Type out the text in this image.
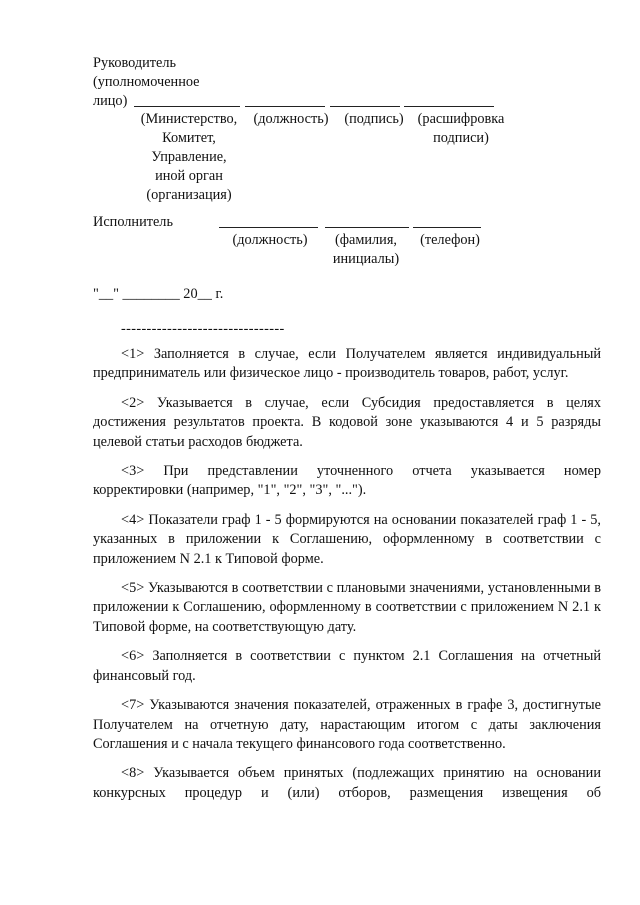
Руководитель
(уполномоченное
лицо)
(Министерство,
Комитет,
Управление,
иной орган
(организация)
(должность)	(подпись) (расшифровка
подписи)
Исполнитель
(должность)	(фамилия,
инициалы)
(телефон)
"__" ________ 20__ г.
--------------------------------

<1> Заполняется в случае, если Получателем является индивидуальный предприниматель или физическое лицо - производитель товаров, работ, услуг.

<2> Указывается в случае, если Субсидия предоставляется в целях достижения результатов проекта. В кодовой зоне указываются 4 и 5 разряды целевой статьи расходов бюджета.

<3> При представлении уточненного отчета указывается номер корректировки (например, "1", "2", "3", "...").

<4> Показатели граф 1 - 5 формируются на основании показателей граф 1 - 5, указанных в приложении к Соглашению, оформленному в соответствии с приложением N 2.1 к Типовой форме.

<5> Указываются в соответствии с плановыми значениями, установленными в приложении к Соглашению, оформленному в соответствии с приложением N 2.1 к Типовой форме, на соответствующую дату.

<6> Заполняется в соответствии с пунктом 2.1 Соглашения на отчетный финансовый год.

<7> Указываются значения показателей, отраженных в графе 3, достигнутые Получателем на отчетную дату, нарастающим итогом с даты заключения Соглашения и с начала текущего финансового года соответственно.

<8> Указывается объем принятых (подлежащих принятию на основании конкурсных процедур и (или) отборов, размещения извещения об
